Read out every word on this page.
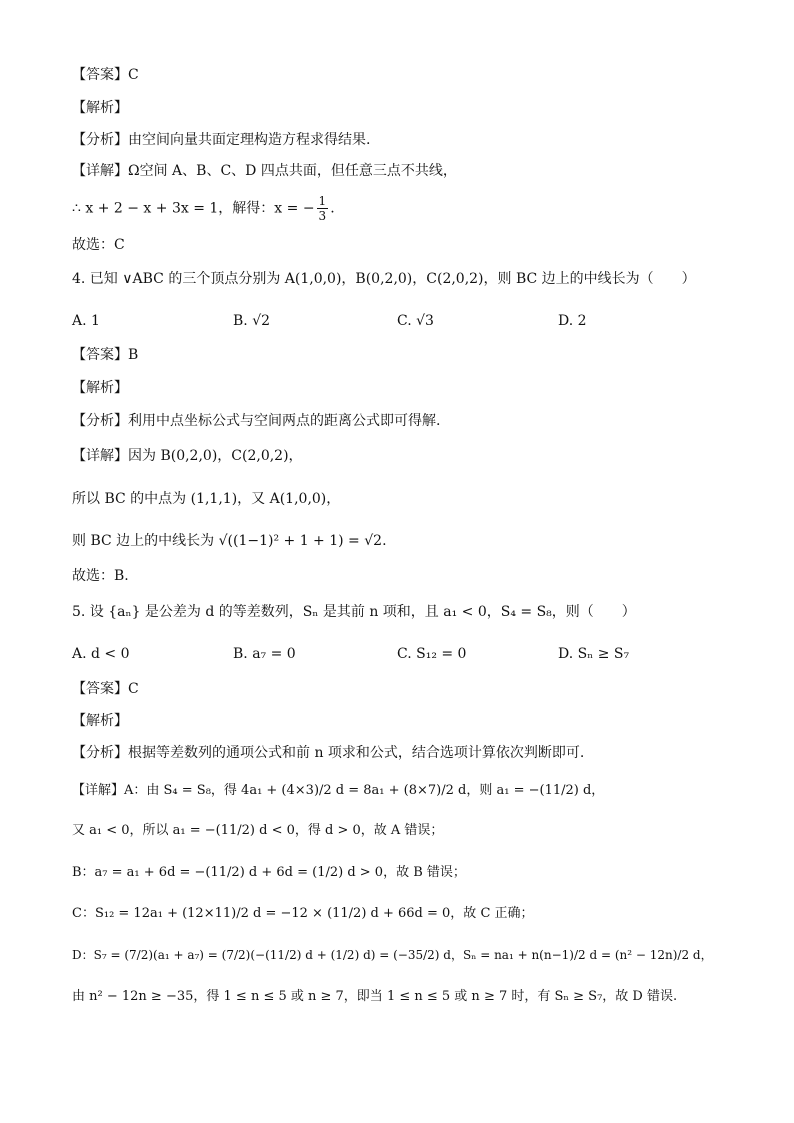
【答案】C
【解析】
【分析】由空间向量共面定理构造方程求得结果.
【详解】Ω空间 A、B、C、D 四点共面，但任意三点不共线，
∴ x + 2 − x + 3x = 1，解得：x = − $\frac{1}{3}$ .
故选：C
4. 已知 ∨ABC 的三个顶点分别为 A(1,0,0)，B(0,2,0)，C(2,0,2)，则 BC 边上的中线长为（　　）
A. 1	B. √2	C. √3	D. 2
【答案】B
【解析】
【分析】利用中点坐标公式与空间两点的距离公式即可得解.
【详解】因为 B(0,2,0)，C(2,0,2)，
所以 BC 的中点为 (1,1,1)，又 A(1,0,0)，
则 BC 边上的中线长为 √((1−1)² + 1 + 1) = √2.
故选：B.
5. 设 {aₙ} 是公差为 d 的等差数列，Sₙ 是其前 n 项和，且 a₁ < 0，S₄ = S₈，则（　　）
A. d < 0	B. a₇ = 0	C. S₁₂ = 0	D. Sₙ ≥ S₇
【答案】C
【解析】
【分析】根据等差数列的通项公式和前 n 项求和公式，结合选项计算依次判断即可.
【详解】A：由 S₄ = S₈，得 4a₁ + (4×3)/2 d = 8a₁ + (8×7)/2 d，则 a₁ = −(11/2) d，
又 a₁ < 0，所以 a₁ = −(11/2) d < 0，得 d > 0，故 A 错误；
B：a₇ = a₁ + 6d = −(11/2) d + 6d = (1/2) d > 0，故 B 错误；
C：S₁₂ = 12a₁ + (12×11)/2 d = −12 × (11/2) d + 66d = 0，故 C 正确；
D：S₇ = (7/2)(a₁ + a₇) = (7/2)(−(11/2) d + (1/2) d) = (−35/2) d，Sₙ = na₁ + n(n−1)/2 d = (n² − 12n)/2 d，
由 n² − 12n ≥ −35，得 1 ≤ n ≤ 5 或 n ≥ 7，即当 1 ≤ n ≤ 5 或 n ≥ 7 时，有 Sₙ ≥ S₇，故 D 错误.
